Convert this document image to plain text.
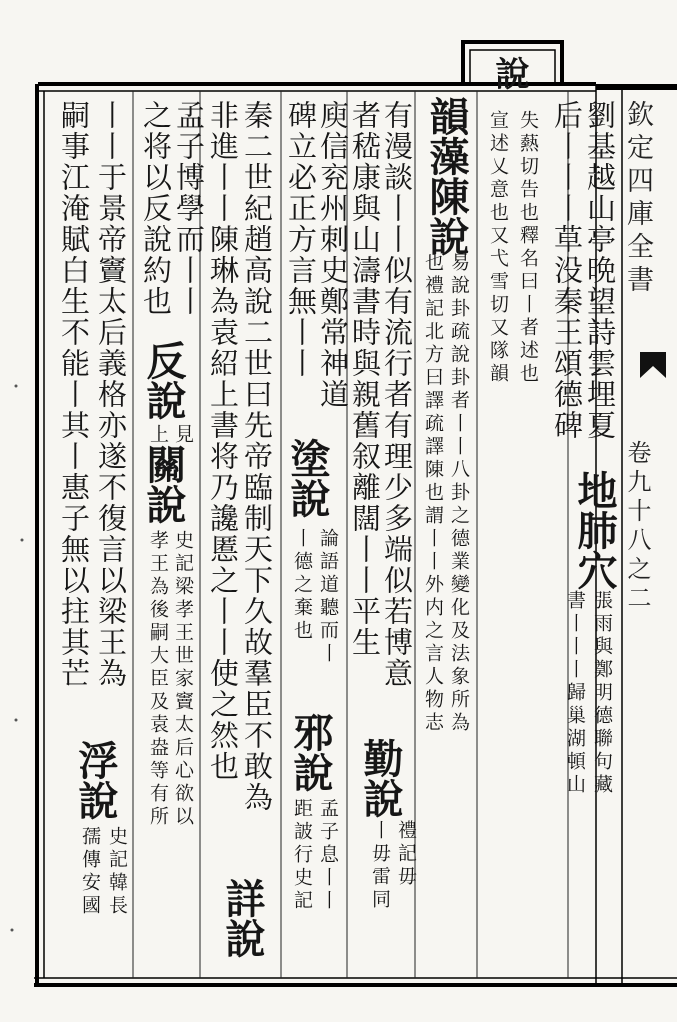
說
欽定四庫全書
卷九十八之二
劉基越山亭晩望詩雲埋夏
后丨丨丨草没秦王頌德碑
失爇切告也釋名曰丨者述也
宣述乂意也又弋雪切又隊韻
地肺穴
張雨與鄭明德聯句藏
書丨丨丨歸巢湖頓山
韻藻陳說
易說卦疏說卦者丨丨八卦之德業變化及法象所為
也禮記北方曰譯疏譯陳也謂丨丨外内之言人物志
有漫談丨丨似有流行者有理少多端似若博意
者嵇康與山濤書時與親舊叙離闊丨丨平生
勤說
禮記毋
丨毋雷同
庾信兖州刺史鄭常神道
碑立必正方言無丨丨
塗說
論語道聽而丨
丨德之棄也
邪說
孟子息丨丨
距詖行史記
秦二世紀趙高說二世曰先帝臨制天下久故羣臣不敢為
非進丨丨陳琳為袁紹上書将乃讒慝之丨丨使之然也
詳說
孟子博學而丨丨
之将以反說約也
反說
見
上
關說
史記梁孝王世家竇太后心欲以
孝王為後嗣大臣及袁盎等有所
丨丨于景帝竇太后義格亦遂不復言以梁王為
嗣事江淹賦白生不能丨其丨惠子無以拄其芒
浮說
史記韓長
孺傳安國
